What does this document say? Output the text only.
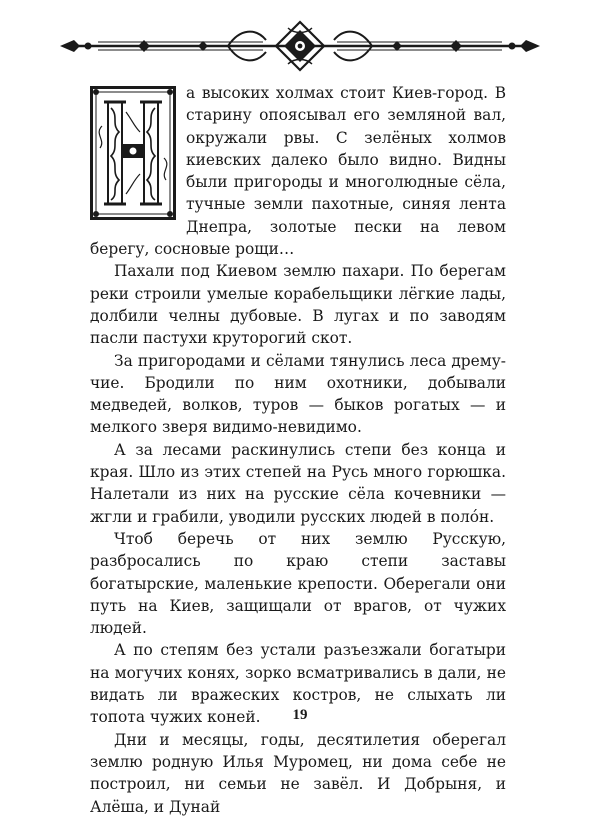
а высоких холмах стоит Киев-город. В старину опоясывал его земляной вал, окружали рвы. С зелёных холмов киевских далеко было видно. Видны были пригороды и многолюдные сёла, тучные земли пахотные, синяя лента Днепра, золотые пески на левом берегу, сосновые рощи…

Пахали под Киевом землю пахари. По берегам реки строили умелые корабельщики лёгкие лады, долбили челны дубовые. В лугах и по заводям пасли пастухи круторогий скот.

За пригородами и сёлами тянулись леса дремучие. Бродили по ним охотники, добывали медведей, волков, туров — быков рогатых — и мелкого зверя видимо-невидимо.

А за лесами раскинулись степи без конца и края. Шло из этих степей на Русь много горюшка. Налетали из них на русские сёла кочевники — жгли и грабили, уводили русских людей в поло́н.

Чтоб беречь от них землю Русскую, разбросались по краю степи заставы богатырские, маленькие крепости. Оберегали они путь на Киев, защищали от врагов, от чужих людей.

А по степям без устали разъезжали богатыри на могучих конях, зорко всматривались в дали, не видать ли вражеских костров, не слыхать ли топота чужих коней.

Дни и месяцы, годы, десятилетия оберегал землю родную Илья Муромец, ни дома себе не построил, ни семьи не завёл. И Добрыня, и Алёша, и Дунай

19
